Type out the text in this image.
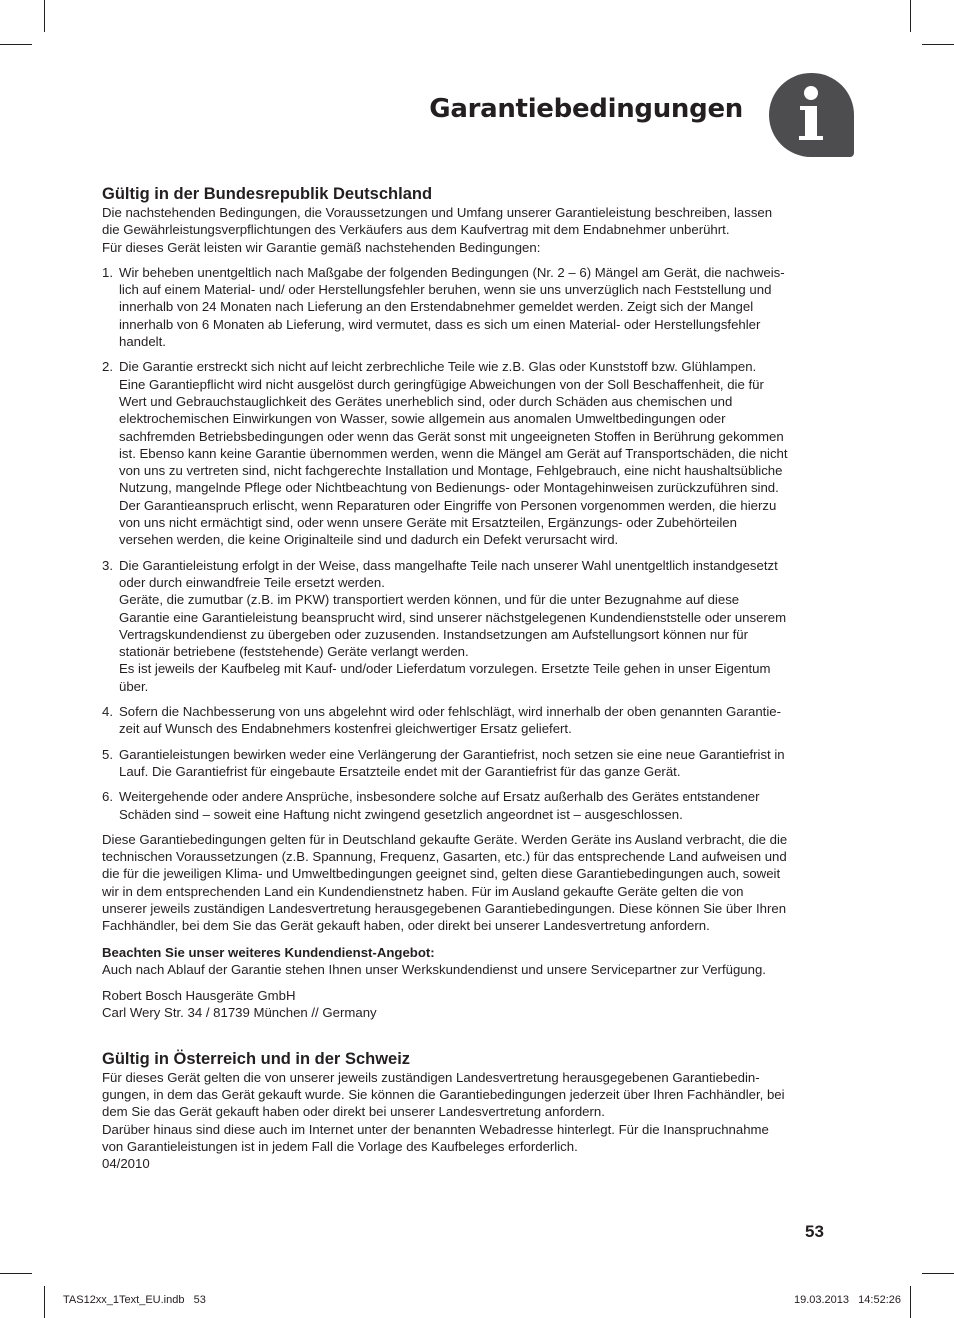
Garantiebedingungen
Gültig in der Bundesrepublik Deutschland

Die nachstehenden Bedingungen, die Voraussetzungen und Umfang unserer Garantieleistung beschreiben, lassen
die Gewährleistungsverpflichtungen des Verkäufers aus dem Kaufvertrag mit dem Endabnehmer unberührt.
Für dieses Gerät leisten wir Garantie gemäß nachstehenden Bedingungen:

1. Wir beheben unentgeltlich nach Maßgabe der folgenden Bedingungen (Nr. 2 – 6) Mängel am Gerät, die nachweis-
lich auf einem Material- und/ oder Herstellungsfehler beruhen, wenn sie uns unverzüglich nach Feststellung und
innerhalb von 24 Monaten nach Lieferung an den Erstendabnehmer gemeldet werden. Zeigt sich der Mangel
innerhalb von 6 Monaten ab Lieferung, wird vermutet, dass es sich um einen Material- oder Herstellungsfehler
handelt.
2. Die Garantie erstreckt sich nicht auf leicht zerbrechliche Teile wie z.B. Glas oder Kunststoff bzw. Glühlampen.
Eine Garantiepflicht wird nicht ausgelöst durch geringfügige Abweichungen von der Soll Beschaffenheit, die für
Wert und Gebrauchstauglichkeit des Gerätes unerheblich sind, oder durch Schäden aus chemischen und
elektrochemischen Einwirkungen von Wasser, sowie allgemein aus anomalen Umweltbedingungen oder
sachfremden Betriebsbedingungen oder wenn das Gerät sonst mit ungeeigneten Stoffen in Berührung gekommen
ist. Ebenso kann keine Garantie übernommen werden, wenn die Mängel am Gerät auf Transportschäden, die nicht
von uns zu vertreten sind, nicht fachgerechte Installation und Montage, Fehlgebrauch, eine nicht haushaltsübliche
Nutzung, mangelnde Pflege oder Nichtbeachtung von Bedienungs- oder Montagehinweisen zurückzuführen sind.
Der Garantieanspruch erlischt, wenn Reparaturen oder Eingriffe von Personen vorgenommen werden, die hierzu
von uns nicht ermächtigt sind, oder wenn unsere Geräte mit Ersatzteilen, Ergänzungs- oder Zubehörteilen
versehen werden, die keine Originalteile sind und dadurch ein Defekt verursacht wird.
3. Die Garantieleistung erfolgt in der Weise, dass mangelhafte Teile nach unserer Wahl unentgeltlich instandgesetzt
oder durch einwandfreie Teile ersetzt werden.
Geräte, die zumutbar (z.B. im PKW) transportiert werden können, und für die unter Bezugnahme auf diese
Garantie eine Garantieleistung beansprucht wird, sind unserer nächstgelegenen Kundendienststelle oder unserem
Vertragskundendienst zu übergeben oder zuzusenden. Instandsetzungen am Aufstellungsort können nur für
stationär betriebene (feststehende) Geräte verlangt werden.
Es ist jeweils der Kaufbeleg mit Kauf- und/oder Lieferdatum vorzulegen. Ersetzte Teile gehen in unser Eigentum
über.
4. Sofern die Nachbesserung von uns abgelehnt wird oder fehlschlägt, wird innerhalb der oben genannten Garantie-
zeit auf Wunsch des Endabnehmers kostenfrei gleichwertiger Ersatz geliefert.
5. Garantieleistungen bewirken weder eine Verlängerung der Garantiefrist, noch setzen sie eine neue Garantiefrist in
Lauf. Die Garantiefrist für eingebaute Ersatzteile endet mit der Garantiefrist für das ganze Gerät.
6. Weitergehende oder andere Ansprüche, insbesondere solche auf Ersatz außerhalb des Gerätes entstandener
Schäden sind – soweit eine Haftung nicht zwingend gesetzlich angeordnet ist – ausgeschlossen.

Diese Garantiebedingungen gelten für in Deutschland gekaufte Geräte. Werden Geräte ins Ausland verbracht, die die
technischen Voraussetzungen (z.B. Spannung, Frequenz, Gasarten, etc.) für das entsprechende Land aufweisen und
die für die jeweiligen Klima- und Umweltbedingungen geeignet sind, gelten diese Garantiebedingungen auch, soweit
wir in dem entsprechenden Land ein Kundendienstnetz haben. Für im Ausland gekaufte Geräte gelten die von
unserer jeweils zuständigen Landesvertretung herausgegebenen Garantiebedingungen. Diese können Sie über Ihren
Fachhändler, bei dem Sie das Gerät gekauft haben, oder direkt bei unserer Landesvertretung anfordern.

Beachten Sie unser weiteres Kundendienst-Angebot:
Auch nach Ablauf der Garantie stehen Ihnen unser Werkskundendienst und unsere Servicepartner zur Verfügung.

Robert Bosch Hausgeräte GmbH
Carl Wery Str. 34 / 81739 München // Germany

Gültig in Österreich und in der Schweiz

Für dieses Gerät gelten die von unserer jeweils zuständigen Landesvertretung herausgegebenen Garantiebedin-
gungen, in dem das Gerät gekauft wurde. Sie können die Garantiebedingungen jederzeit über Ihren Fachhändler, bei
dem Sie das Gerät gekauft haben oder direkt bei unserer Landesvertretung anfordern.
Darüber hinaus sind diese auch im Internet unter der benannten Webadresse hinterlegt. Für die Inanspruchnahme
von Garantieleistungen ist in jedem Fall die Vorlage des Kaufbeleges erforderlich.

04/2010

53
TAS12xx_1Text_EU.indb   53	19.03.2013   14:52:26
